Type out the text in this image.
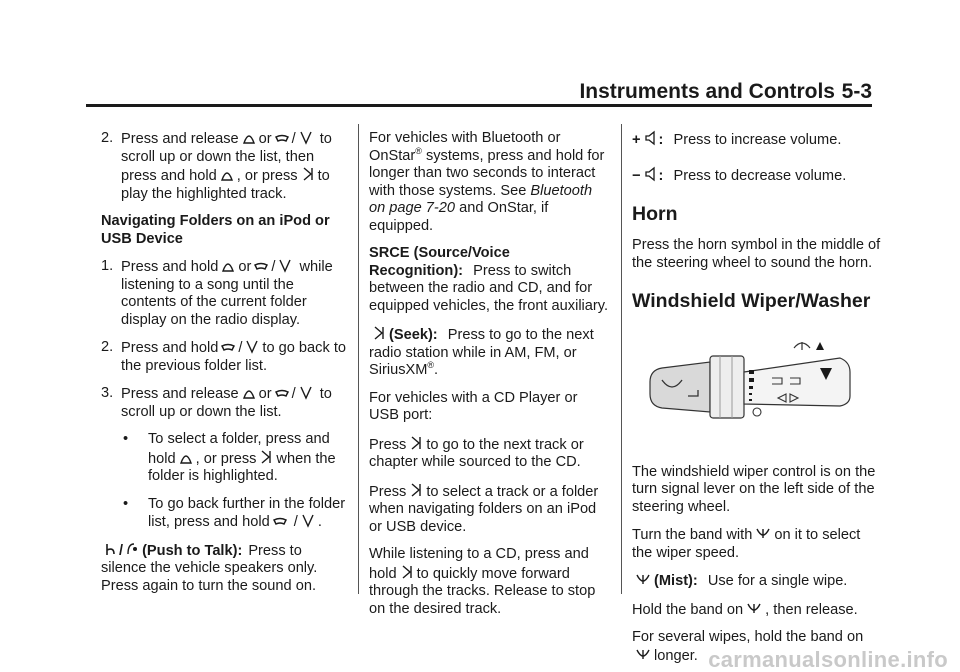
Instruments and Controls 5-3
2. Press and release or / to scroll up or down the list, then press and hold , or press to play the highlighted track.

Navigating Folders on an iPod or USB Device

1. Press and hold or / while listening to a song until the contents of the current folder display on the radio display.
2. Press and hold / to go back to the previous folder list.
3. Press and release or / to scroll up or down the list.
• To select a folder, press and hold , or press when the folder is highlighted.
• To go back further in the folder list, press and hold / .

/ (Push to Talk): Press to silence the vehicle speakers only. Press again to turn the sound on.

For vehicles with Bluetooth or OnStar® systems, press and hold for longer than two seconds to interact with those systems. See Bluetooth on page 7-20 and OnStar, if equipped.

SRCE (Source/Voice Recognition): Press to switch between the radio and CD, and for equipped vehicles, the front auxiliary.

(Seek): Press to go to the next radio station while in AM, FM, or SiriusXM®.

For vehicles with a CD Player or USB port:

Press to go to the next track or chapter while sourced to the CD.

Press to select a track or a folder when navigating folders on an iPod or USB device.

While listening to a CD, press and hold to quickly move forward through the tracks. Release to stop on the desired track.

+ : Press to increase volume.
− : Press to decrease volume.
Horn

Press the horn symbol in the middle of the steering wheel to sound the horn.

Windshield Wiper/Washer

The windshield wiper control is on the turn signal lever on the left side of the steering wheel.

Turn the band with on it to select the wiper speed.

(Mist): Use for a single wipe.

Hold the band on , then release.

For several wipes, hold the band on
longer. carmanualsonline.info
